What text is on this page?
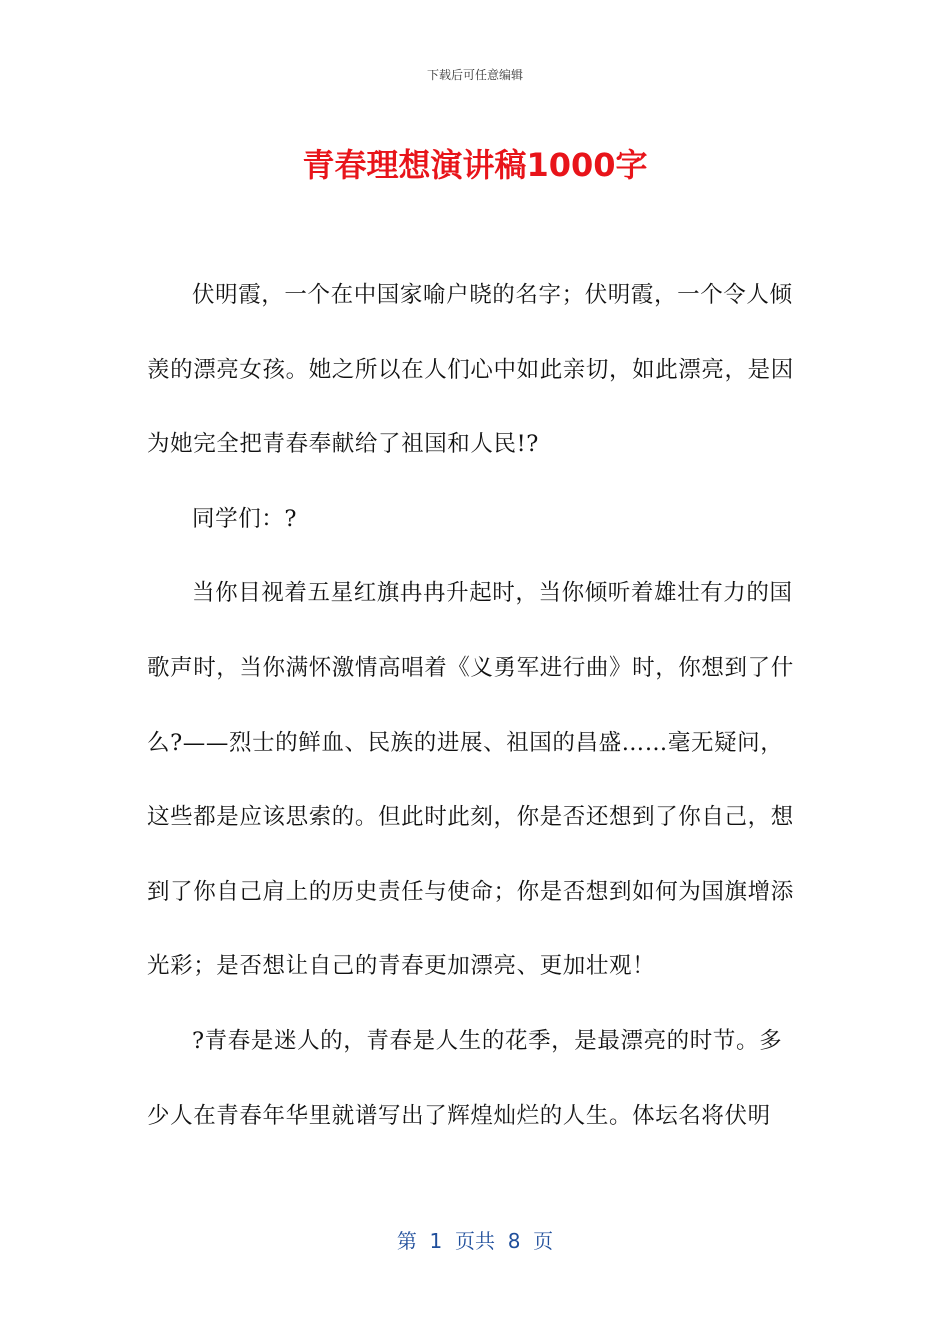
下载后可任意编辑
青春理想演讲稿1000字

伏明霞，一个在中国家喻户晓的名字；伏明霞，一个令人倾羡的漂亮女孩。她之所以在人们心中如此亲切，如此漂亮，是因为她完全把青春奉献给了祖国和人民!?

同学们：?

当你目视着五星红旗冉冉升起时，当你倾听着雄壮有力的国歌声时，当你满怀激情高唱着《义勇军进行曲》时，你想到了什么?——烈士的鲜血、民族的进展、祖国的昌盛……毫无疑问，这些都是应该思索的。但此时此刻，你是否还想到了你自己，想到了你自己肩上的历史责任与使命；你是否想到如何为国旗增添光彩；是否想让自己的青春更加漂亮、更加壮观！

?青春是迷人的，青春是人生的花季，是最漂亮的时节。多少人在青春年华里就谱写出了辉煌灿烂的人生。体坛名将伏明

第  1  页共  8  页
